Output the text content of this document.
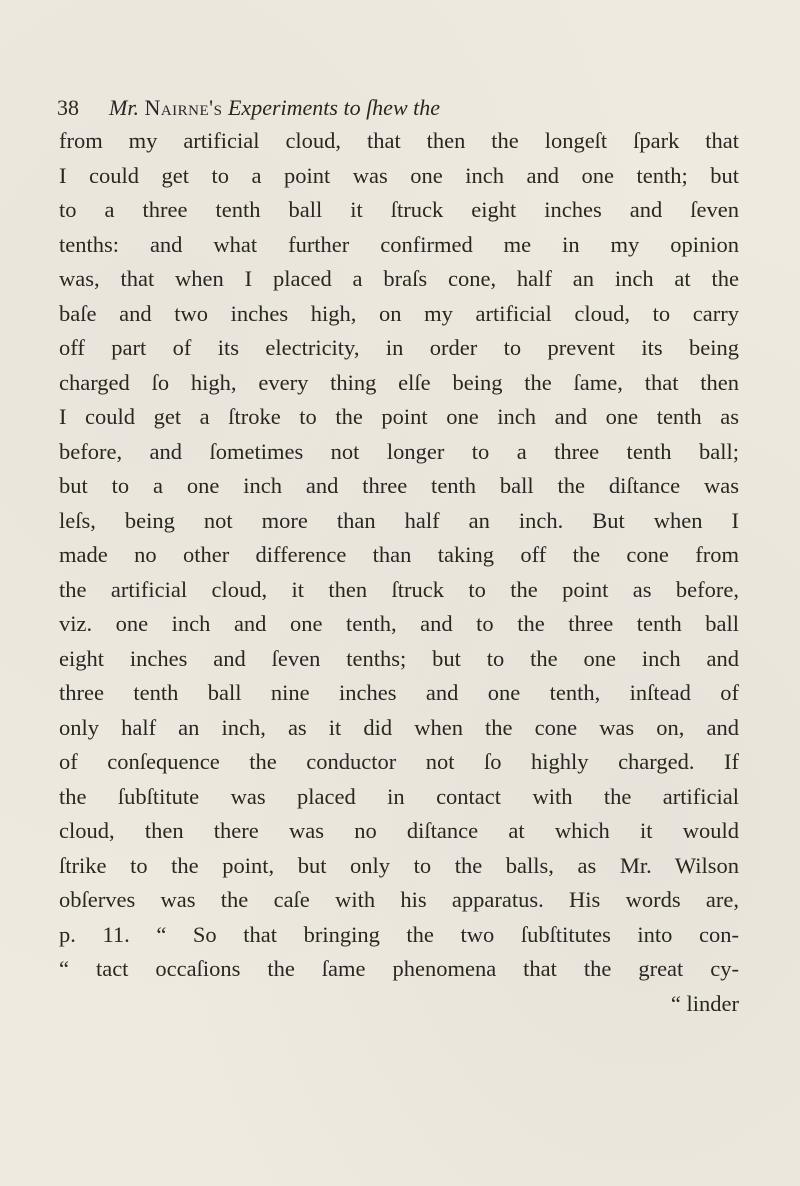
38 Mr. Nairne's Experiments to ſhew the
from my artificial cloud, that then the longeſt ſpark that
I could get to a point was one inch and one tenth; but
to a three tenth ball it ſtruck eight inches and ſeven
tenths: and what further confirmed me in my opinion
was, that when I placed a braſs cone, half an inch at the
baſe and two inches high, on my artificial cloud, to carry
off part of its electricity, in order to prevent its being
charged ſo high, every thing elſe being the ſame, that then
I could get a ſtroke to the point one inch and one tenth as
before, and ſometimes not longer to a three tenth ball;
but to a one inch and three tenth ball the diſtance was
leſs, being not more than half an inch. But when I
made no other difference than taking off the cone from
the artificial cloud, it then ſtruck to the point as before,
viz. one inch and one tenth, and to the three tenth ball
eight inches and ſeven tenths; but to the one inch and
three tenth ball nine inches and one tenth, inſtead of
only half an inch, as it did when the cone was on, and
of conſequence the conductor not ſo highly charged. If
the ſubſtitute was placed in contact with the artificial
cloud, then there was no diſtance at which it would
ſtrike to the point, but only to the balls, as Mr. Wilson
obſerves was the caſe with his apparatus. His words are,
p. 11. “ So that bringing the two ſubſtitutes into con-
“ tact occaſions the ſame phenomena that the great cy-
“ linder
